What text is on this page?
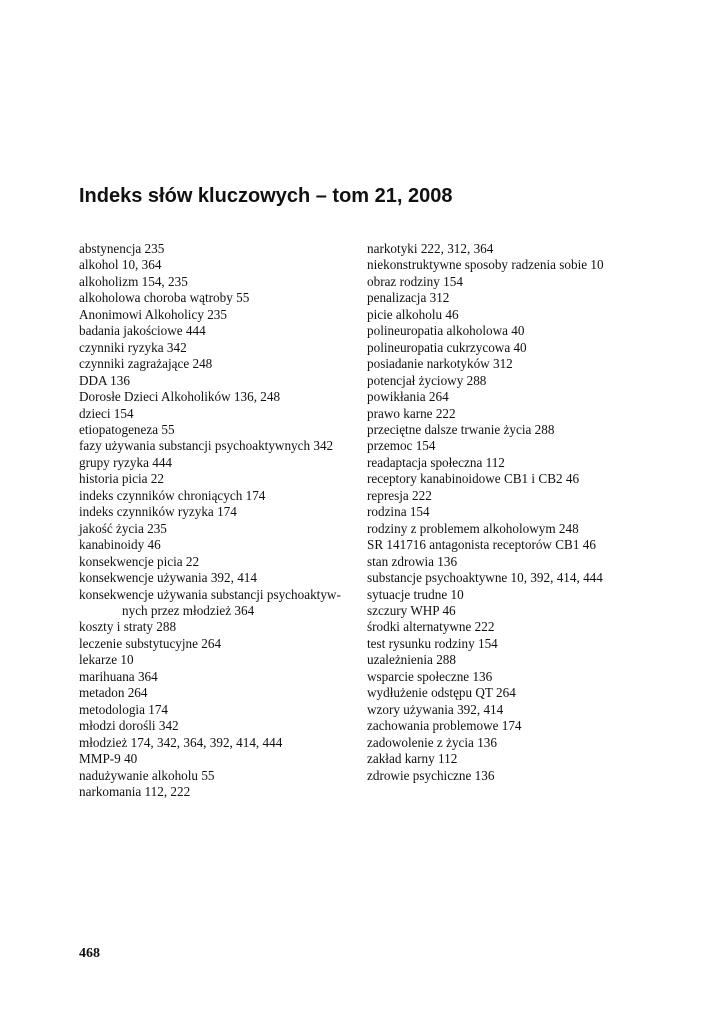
Indeks słów kluczowych – tom 21, 2008
abstynencja 235
alkohol 10, 364
alkoholizm 154, 235
alkoholowa choroba wątroby 55
Anonimowi Alkoholicy 235
badania jakościowe 444
czynniki ryzyka 342
czynniki zagrażające 248
DDA 136
Dorosłe Dzieci Alkoholików 136, 248
dzieci 154
etiopatogeneza 55
fazy używania substancji psychoaktywnych 342
grupy ryzyka 444
historia picia 22
indeks czynników chroniących 174
indeks czynników ryzyka 174
jakość życia 235
kanabinoidy 46
konsekwencje picia 22
konsekwencje używania 392, 414
konsekwencje używania substancji psychoaktyw-nych przez młodzież 364
koszty i straty 288
leczenie substytucyjne 264
lekarze 10
marihuana 364
metadon 264
metodologia 174
młodzi dorośli 342
młodzież 174, 342, 364, 392, 414, 444
MMP-9 40
nadużywanie alkoholu 55
narkomania 112, 222
narkotyki 222, 312, 364
niekonstruktywne sposoby radzenia sobie 10
obraz rodziny 154
penalizacja 312
picie alkoholu 46
polineuropatia alkoholowa 40
polineuropatia cukrzycowa 40
posiadanie narkotyków 312
potencjał życiowy 288
powikłania 264
prawo karne 222
przeciętne dalsze trwanie życia 288
przemoc 154
readaptacja społeczna 112
receptory kanabinoidowe CB1 i CB2 46
represja 222
rodzina 154
rodziny z problemem alkoholowym 248
SR 141716 antagonista receptorów CB1 46
stan zdrowia 136
substancje psychoaktywne 10, 392, 414, 444
sytuacje trudne 10
szczury WHP 46
środki alternatywne 222
test rysunku rodziny 154
uzależnienia 288
wsparcie społeczne 136
wydłużenie odstępu QT 264
wzory używania 392, 414
zachowania problemowe 174
zadowolenie z życia 136
zakład karny 112
zdrowie psychiczne 136
468
